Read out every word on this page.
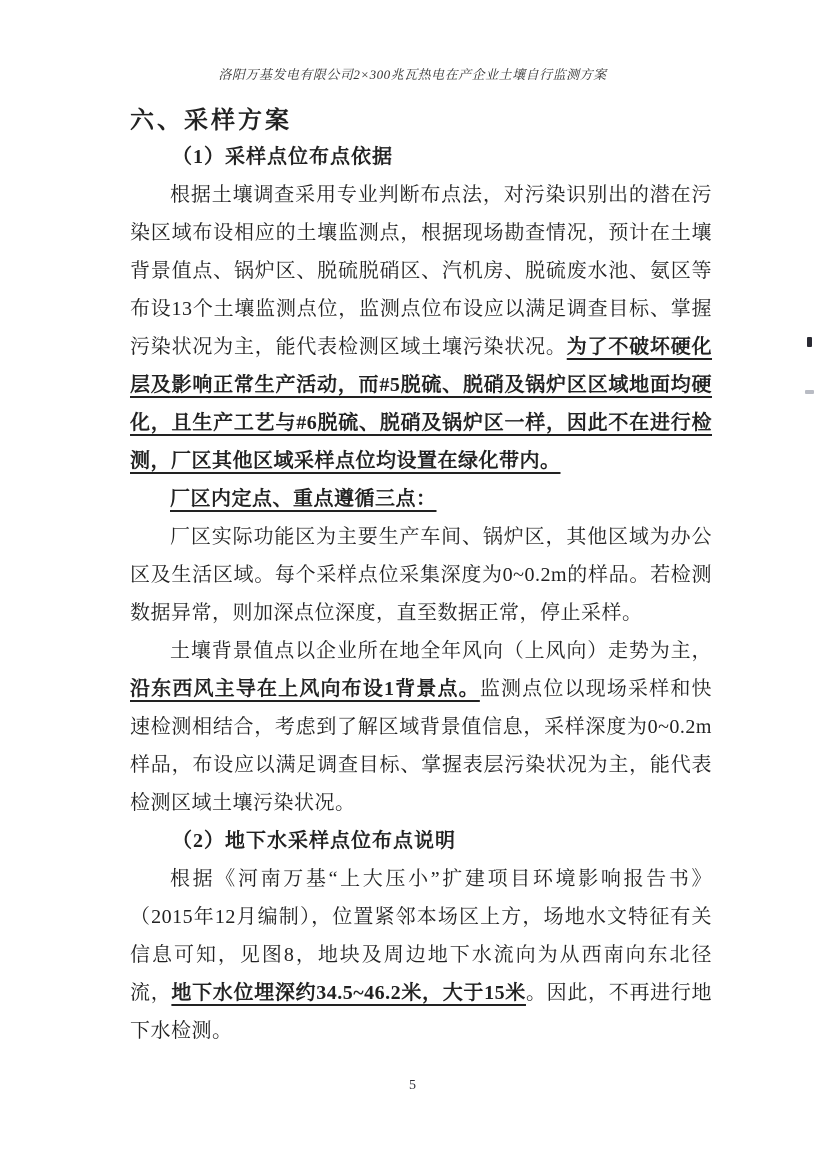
洛阳万基发电有限公司2×300兆瓦热电在产企业土壤自行监测方案
六、采样方案
（1）采样点位布点依据

根据土壤调查采用专业判断布点法，对污染识别出的潜在污染区域布设相应的土壤监测点，根据现场勘查情况，预计在土壤背景值点、锅炉区、脱硫脱硝区、汽机房、脱硫废水池、氨区等布设13个土壤监测点位，监测点位布设应以满足调查目标、掌握污染状况为主，能代表检测区域土壤污染状况。为了不破坏硬化层及影响正常生产活动，而#5脱硫、脱硝及锅炉区区域地面均硬化，且生产工艺与#6脱硫、脱硝及锅炉区一样，因此不在进行检测，厂区其他区域采样点位均设置在绿化带内。

厂区内定点、重点遵循三点：

厂区实际功能区为主要生产车间、锅炉区，其他区域为办公区及生活区域。每个采样点位采集深度为0~0.2m的样品。若检测数据异常，则加深点位深度，直至数据正常，停止采样。

土壤背景值点以企业所在地全年风向（上风向）走势为主，沿东西风主导在上风向布设1背景点。监测点位以现场采样和快速检测相结合，考虑到了解区域背景值信息，采样深度为0~0.2m样品，布设应以满足调查目标、掌握表层污染状况为主，能代表检测区域土壤污染状况。

（2）地下水采样点位布点说明

根据《河南万基“上大压小”扩建项目环境影响报告书》（2015年12月编制），位置紧邻本场区上方，场地水文特征有关信息可知，见图8，地块及周边地下水流向为从西南向东北径流，地下水位埋深约34.5~46.2米，大于15米。因此，不再进行地下水检测。

5
